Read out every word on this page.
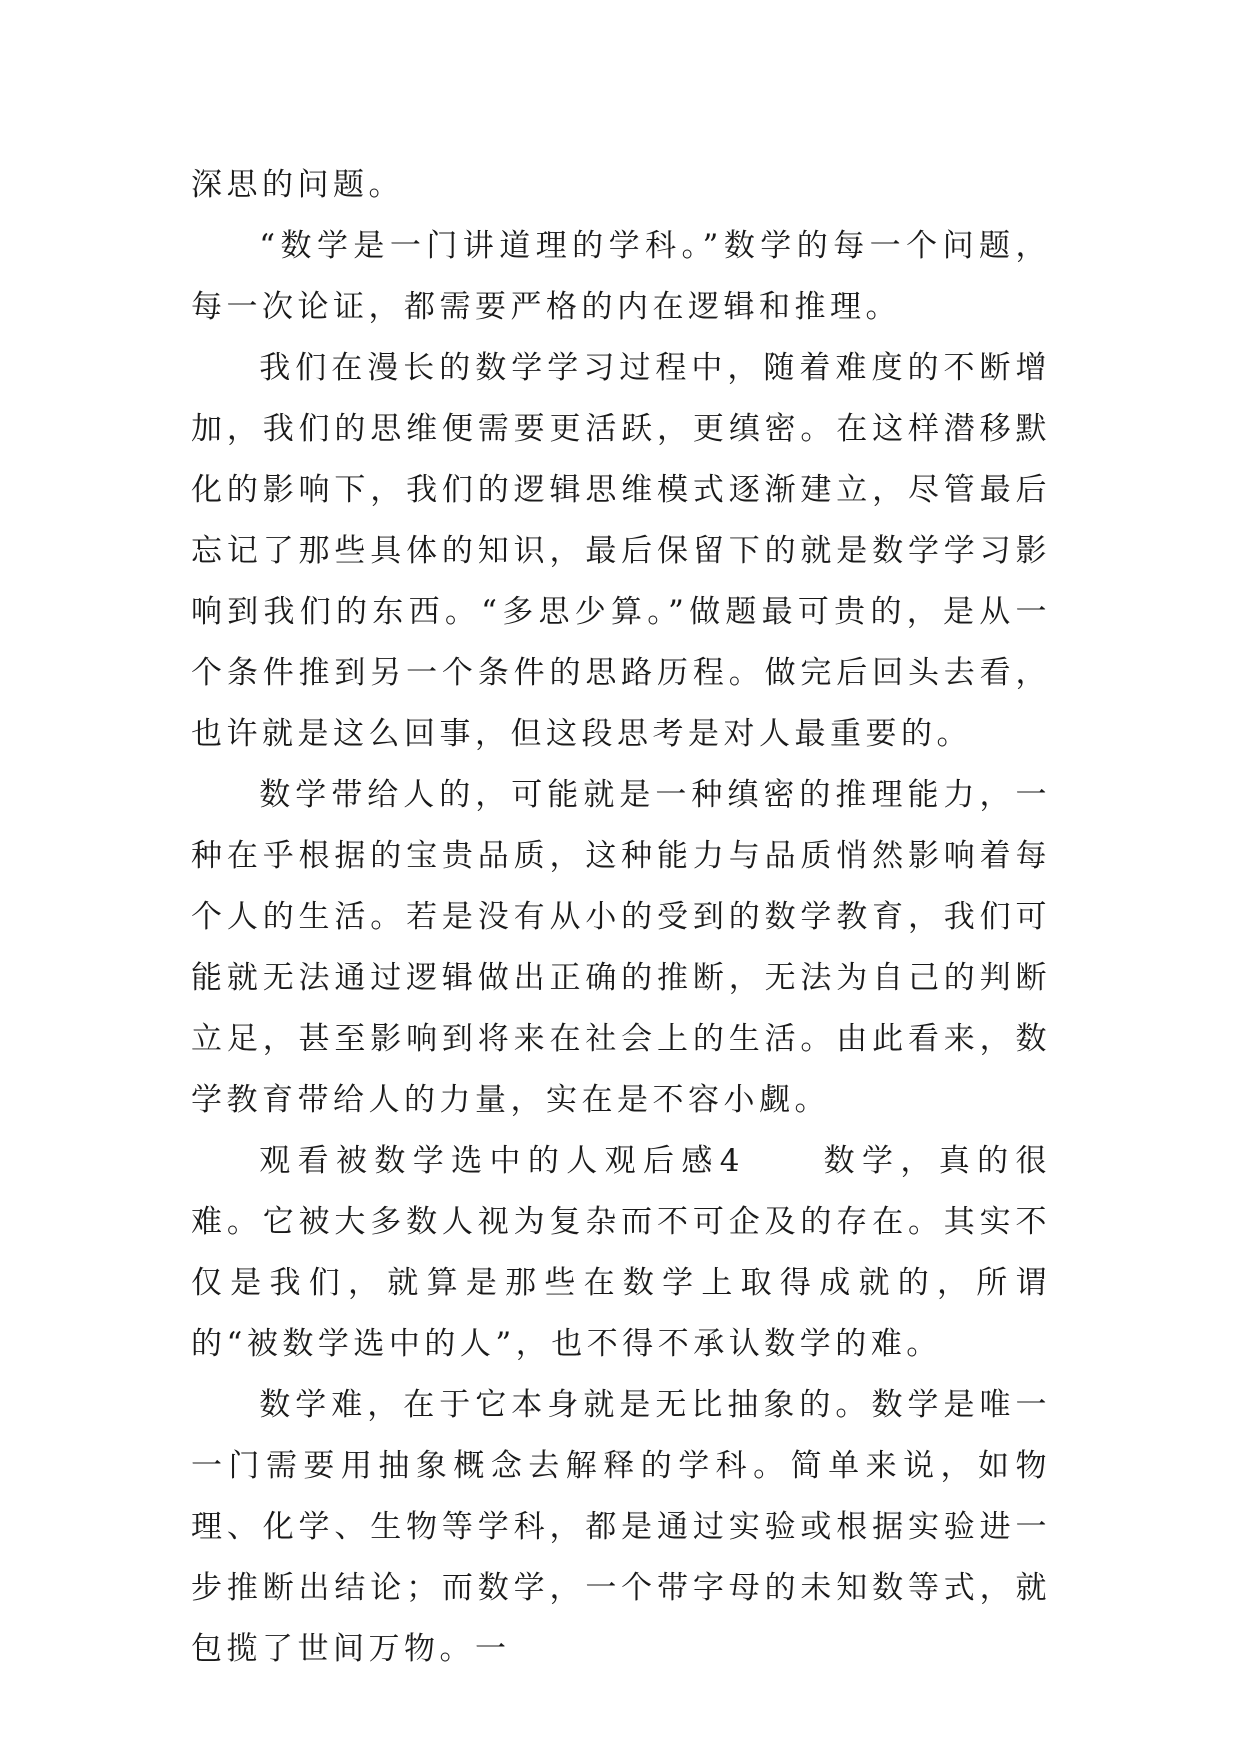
深思的问题。

“数学是一门讲道理的学科。”数学的每一个问题，每一次论证，都需要严格的内在逻辑和推理。

我们在漫长的数学学习过程中，随着难度的不断增加，我们的思维便需要更活跃，更缜密。在这样潜移默化的影响下，我们的逻辑思维模式逐渐建立，尽管最后忘记了那些具体的知识，最后保留下的就是数学学习影响到我们的东西。“多思少算。”做题最可贵的，是从一个条件推到另一个条件的思路历程。做完后回头去看，也许就是这么回事，但这段思考是对人最重要的。

数学带给人的，可能就是一种缜密的推理能力，一种在乎根据的宝贵品质，这种能力与品质悄然影响着每个人的生活。若是没有从小的受到的数学教育，我们可能就无法通过逻辑做出正确的推断，无法为自己的判断立足，甚至影响到将来在社会上的生活。由此看来，数学教育带给人的力量，实在是不容小觑。

观看被数学选中的人观后感4　　数学，真的很难。它被大多数人视为复杂而不可企及的存在。其实不仅是我们，就算是那些在数学上取得成就的，所谓的“被数学选中的人”，也不得不承认数学的难。

数学难，在于它本身就是无比抽象的。数学是唯一一门需要用抽象概念去解释的学科。简单来说，如物理、化学、生物等学科，都是通过实验或根据实验进一步推断出结论；而数学，一个带字母的未知数等式，就包揽了世间万物。一
